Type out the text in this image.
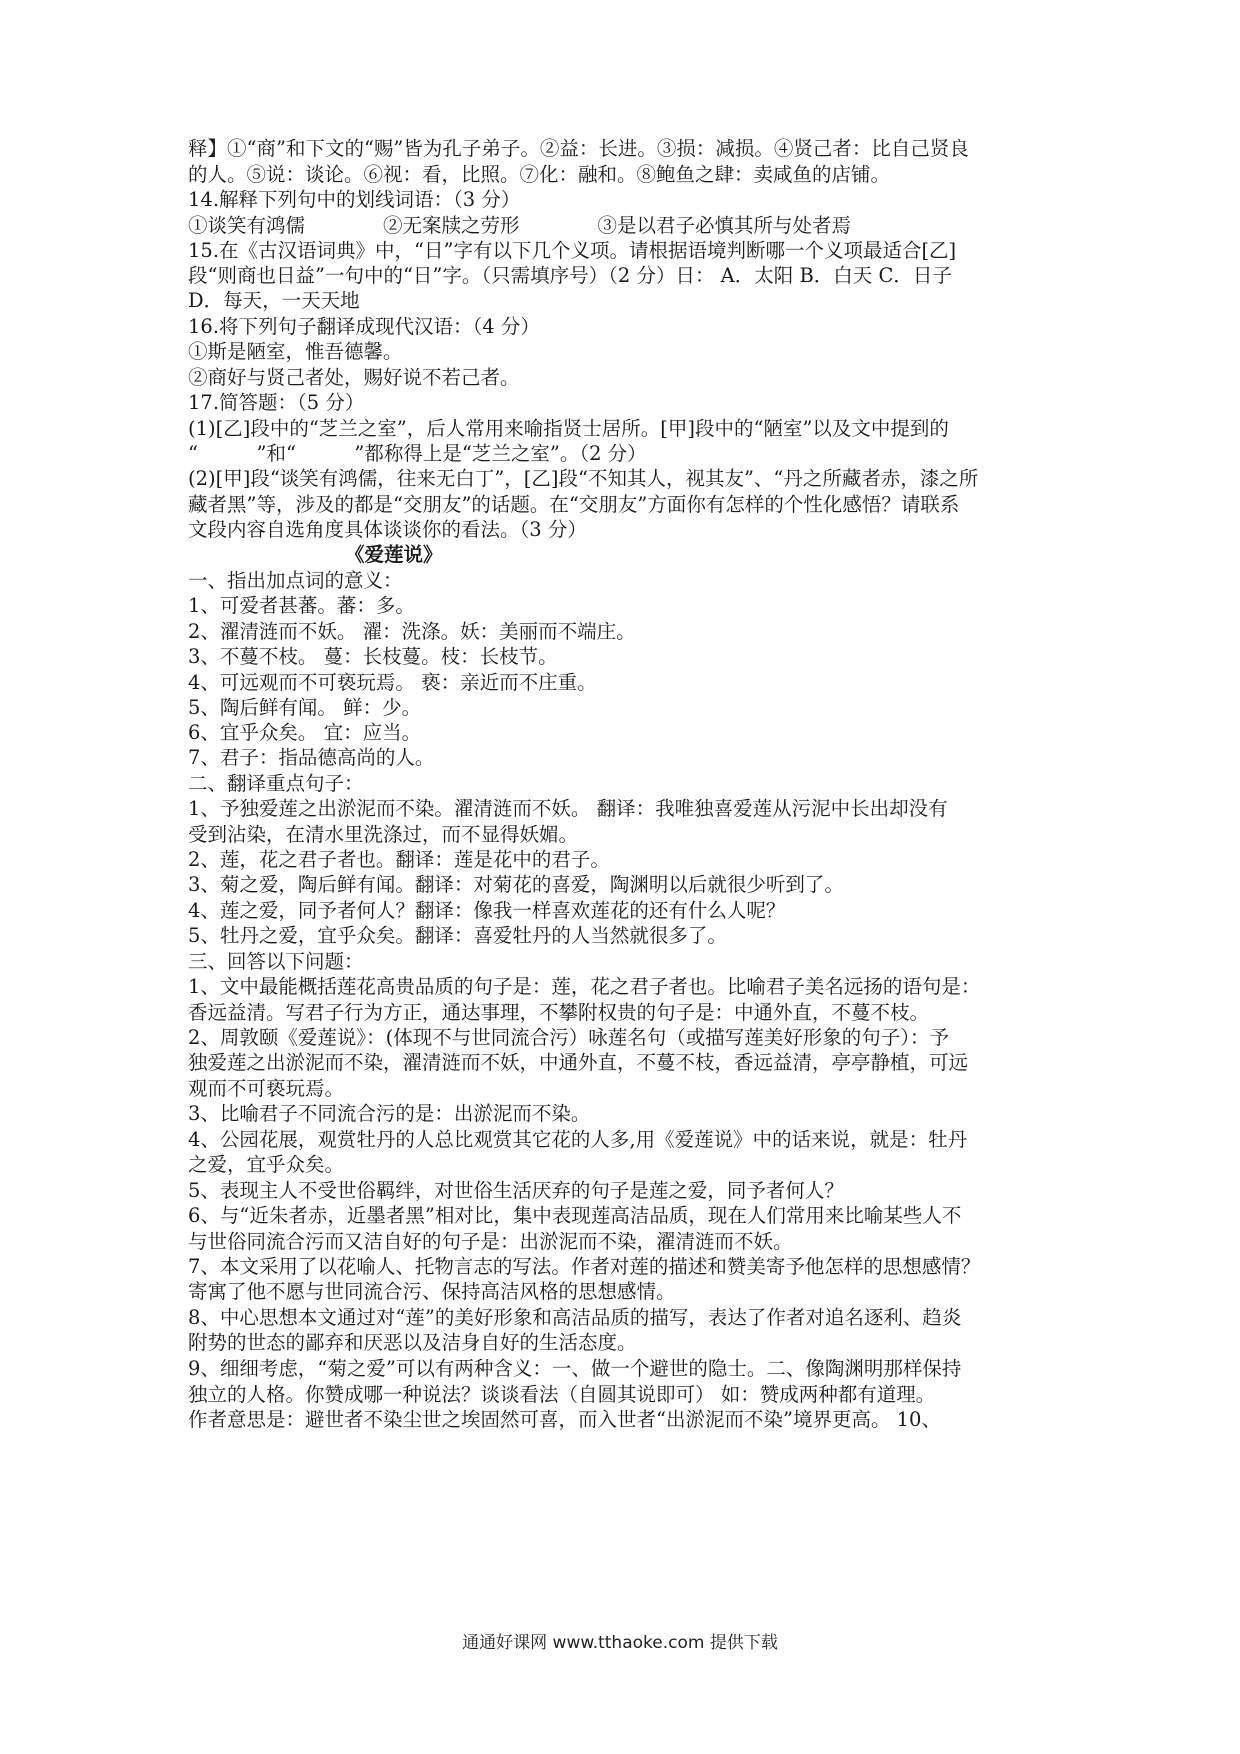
释】①“商”和下文的“赐”皆为孔子弟子。②益：长进。③损：减损。④贤己者：比自己贤良
的人。⑤说：谈论。⑥视：看，比照。⑦化：融和。⑧鲍鱼之肆：卖咸鱼的店铺。
14.解释下列句中的划线词语：（3 分）
①谈笑有鸿儒　　　　②无案牍之劳形　　　　③是以君子必慎其所与处者焉
15.在《古汉语词典》中，“日”字有以下几个义项。请根据语境判断哪一个义项最适合[乙]
段“则商也日益”一句中的“日”字。（只需填序号）（2 分）日： A．太阳 B．白天 C．日子
D．每天，一天天地
16.将下列句子翻译成现代汉语：（4 分）
①斯是陋室，惟吾德馨。
②商好与贤己者处，赐好说不若己者。
17.简答题：（5 分）
(1)[乙]段中的“芝兰之室”，后人常用来喻指贤士居所。[甲]段中的“陋室”以及文中提到的
“　　　”和“　　　”都称得上是“芝兰之室”。（2 分）
(2)[甲]段“谈笑有鸿儒，往来无白丁”，[乙]段“不知其人，视其友”、“丹之所藏者赤，漆之所
藏者黑”等，涉及的都是“交朋友”的话题。在“交朋友”方面你有怎样的个性化感悟？请联系
文段内容自选角度具体谈谈你的看法。（3 分）
《爱莲说》
一、指出加点词的意义：
1、可爱者甚蕃。蕃：多。
2、濯清涟而不妖。 濯：洗涤。妖：美丽而不端庄。
3、不蔓不枝。 蔓：长枝蔓。枝：长枝节。
4、可远观而不可亵玩焉。 亵：亲近而不庄重。
5、陶后鲜有闻。 鲜：少。
6、宜乎众矣。 宜：应当。
7、君子：指品德高尚的人。
二、翻译重点句子：
1、予独爱莲之出淤泥而不染。濯清涟而不妖。 翻译：我唯独喜爱莲从污泥中长出却没有
受到沾染，在清水里洗涤过，而不显得妖媚。
2、莲，花之君子者也。翻译：莲是花中的君子。
3、菊之爱，陶后鲜有闻。翻译：对菊花的喜爱，陶渊明以后就很少听到了。
4、莲之爱，同予者何人？翻译：像我一样喜欢莲花的还有什么人呢？
5、牡丹之爱，宜乎众矣。翻译：喜爱牡丹的人当然就很多了。
三、回答以下问题：
1、文中最能概括莲花高贵品质的句子是：莲，花之君子者也。比喻君子美名远扬的语句是：
香远益清。写君子行为方正，通达事理，不攀附权贵的句子是：中通外直，不蔓不枝。
2、周敦颐《爱莲说》：(体现不与世同流合污）咏莲名句（或描写莲美好形象的句子）：予
独爱莲之出淤泥而不染，濯清涟而不妖，中通外直，不蔓不枝，香远益清，亭亭静植，可远
观而不可亵玩焉。
3、比喻君子不同流合污的是：出淤泥而不染。
4、公园花展，观赏牡丹的人总比观赏其它花的人多,用《爱莲说》中的话来说，就是：牡丹
之爱，宜乎众矣。
5、表现主人不受世俗羁绊，对世俗生活厌弃的句子是莲之爱，同予者何人？
6、与“近朱者赤，近墨者黑”相对比，集中表现莲高洁品质，现在人们常用来比喻某些人不
与世俗同流合污而又洁自好的句子是：出淤泥而不染，濯清涟而不妖。
7、本文采用了以花喻人、托物言志的写法。作者对莲的描述和赞美寄予他怎样的思想感情？
寄寓了他不愿与世同流合污、保持高洁风格的思想感情。
8、中心思想本文通过对“莲”的美好形象和高洁品质的描写，表达了作者对追名逐利、趋炎
附势的世态的鄙弃和厌恶以及洁身自好的生活态度。
9、细细考虑，“菊之爱”可以有两种含义：一、做一个避世的隐士。二、像陶渊明那样保持
独立的人格。你赞成哪一种说法？谈谈看法（自圆其说即可） 如：赞成两种都有道理。
作者意思是：避世者不染尘世之埃固然可喜，而入世者“出淤泥而不染”境界更高。 10、
通通好课网 www.tthaoke.com 提供下载
